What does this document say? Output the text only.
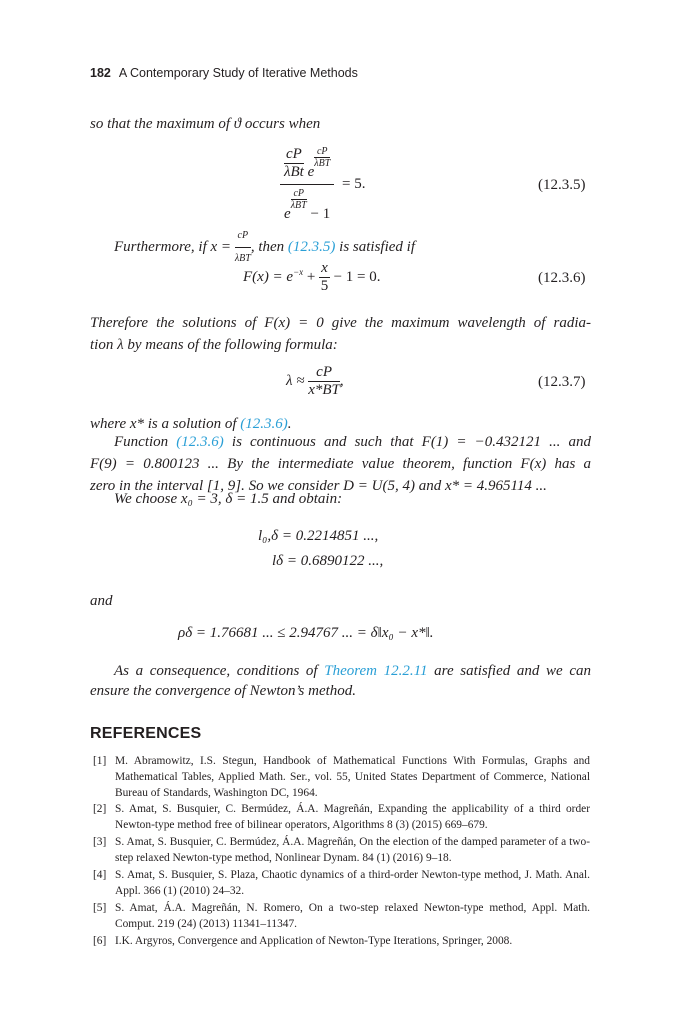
182 A Contemporary Study of Iterative Methods
so that the maximum of ϑ occurs when
$\frac{cP}{\text{λBt}}$ e
$^{\frac{cP}{\text{λBT}}}$
e
$^{\frac{cP}{\text{λBT}}}$
− 1 = 5.	(12.3.5)
Furthermore, if $x = \frac{cP}{\text{λBT}}$ , then (12.3.5) is satisfied if
$F(x) = e^{-x} + \frac{x}{5} - 1 = 0$.	(12.3.6)
Therefore the solutions of F(x) = 0 give the maximum wavelength of radia-
tion λ by means of the following formula:
$\lambda \approx \frac{cP}{x*BT}$ ,	(12.3.7)
where x* is a solution of (12.3.6).
Function (12.3.6) is continuous and such that F(1) = −0.432121 ... and
F(9) = 0.800123 ... By the intermediate value theorem, function F(x) has a
zero in the interval [1, 9]. So we consider D = U(5, 4) and x* = 4.965114 ...
We choose x₀ = 3, δ = 1.5 and obtain:
l₀,δ = 0.2214851 ...,
lδ = 0.6890122 ...,
and
ρδ = 1.76681 ... ≤ 2.94767 ... = δ‖x₀ − x*‖.
As a consequence, conditions of Theorem 12.2.11 are satisfied and we can
ensure the convergence of Newton’s method.
REFERENCES
[1] M. Abramowitz, I.S. Stegun, Handbook of Mathematical Functions With Formulas, Graphs and Mathematical Tables, Applied Math. Ser., vol. 55, United States Department of Commerce, National Bureau of Standards, Washington DC, 1964.
[2] S. Amat, S. Busquier, C. Bermúdez, Á.A. Magreñán, Expanding the applicability of a third order Newton-type method free of bilinear operators, Algorithms 8 (3) (2015) 669–679.
[3] S. Amat, S. Busquier, C. Bermúdez, Á.A. Magreñán, On the election of the damped parameter of a two-step relaxed Newton-type method, Nonlinear Dynam. 84 (1) (2016) 9–18.
[4] S. Amat, S. Busquier, S. Plaza, Chaotic dynamics of a third-order Newton-type method, J. Math. Anal. Appl. 366 (1) (2010) 24–32.
[5] S. Amat, Á.A. Magreñán, N. Romero, On a two-step relaxed Newton-type method, Appl. Math. Comput. 219 (24) (2013) 11341–11347.
[6] I.K. Argyros, Convergence and Application of Newton-Type Iterations, Springer, 2008.
